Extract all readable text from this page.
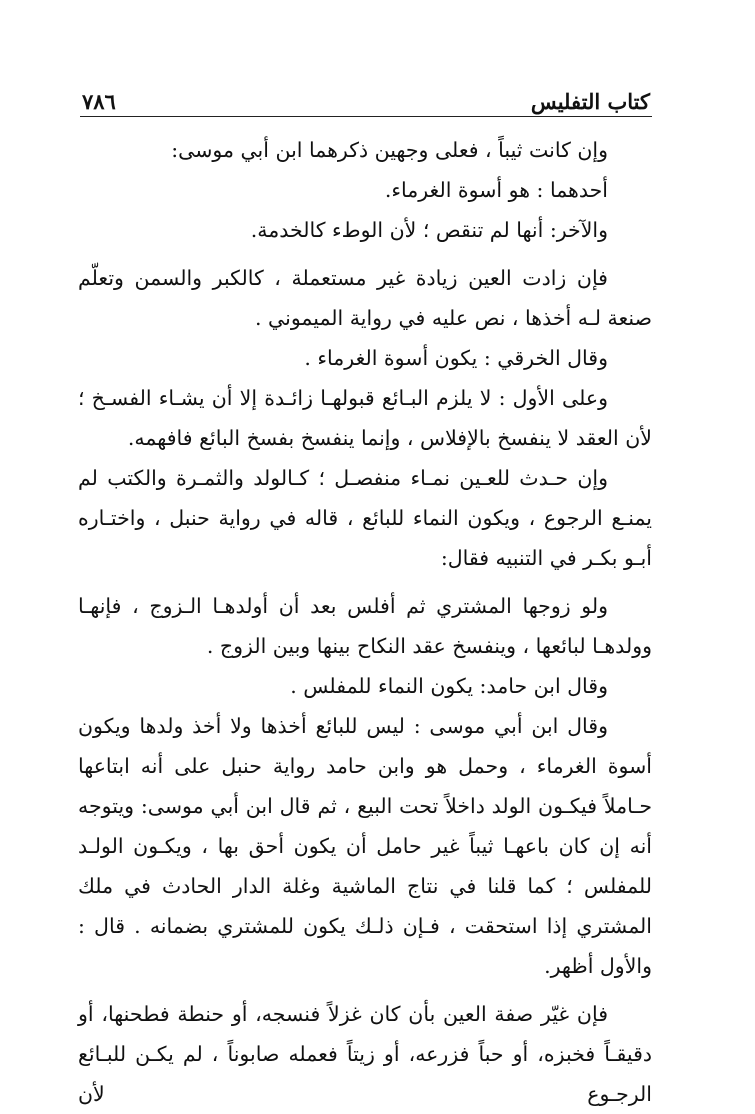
كتاب التفليس
٧٨٦

وإن كانت ثيباً ، فعلى وجهين ذكرهما ابن أبي موسى:

أحدهما : هو أسوة الغرماء.

والآخر: أنها لم تنقص ؛ لأن الوطء كالخدمة.

فإن زادت العين زيادة غير مستعملة ، كالكبر والسمن وتعلّم صنعة لـه أخذها ، نص عليه في رواية الميموني .

وقال الخرقي : يكون أسوة الغرماء .

وعلى الأول : لا يلزم البـائع قبولهـا زائـدة إلا أن يشـاء الفسـخ ؛ لأن العقد لا ينفسخ بالإفلاس ، وإنما ينفسخ بفسخ البائع فافهمه.

وإن حـدث للعـين نمـاء منفصـل ؛ كـالولد والثمـرة والكتب لم يمنـع الرجوع ، ويكون النماء للبائع ، قاله في رواية حنبل ، واختـاره أبـو بكـر في التنبيه فقال:

ولو زوجها المشتري ثم أفلس بعد أن أولدهـا الـزوج ، فإنهـا وولدهـا لبائعها ، وينفسخ عقد النكاح بينها وبين الزوج .

وقال ابن حامد: يكون النماء للمفلس .

وقال ابن أبي موسى : ليس للبائع أخذها ولا أخذ ولدها ويكون أسوة الغرماء ، وحمل هو وابن حامد رواية حنبل على أنه ابتاعها حـاملاً فيكـون الولد داخلاً تحت البيع ، ثم قال ابن أبي موسى: ويتوجه أنه إن كان باعهـا ثيباً غير حامل أن يكون أحق بها ، ويكـون الولـد للمفلس ؛ كما قلنا في نتاج الماشية وغلة الدار الحادث في ملك المشتري إذا استحقت ، فـإن ذلـك يكون للمشتري بضمانه . قال : والأول أظهر.

فإن غيّر صفة العين بأن كان غزلاً فنسجه، أو حنطة فطحنها، أو دقيقـاً فخبزه، أو حباً فزرعه، أو زيتاً فعمله صابوناً ، لم يكـن للبـائع الرجـوع لأن
